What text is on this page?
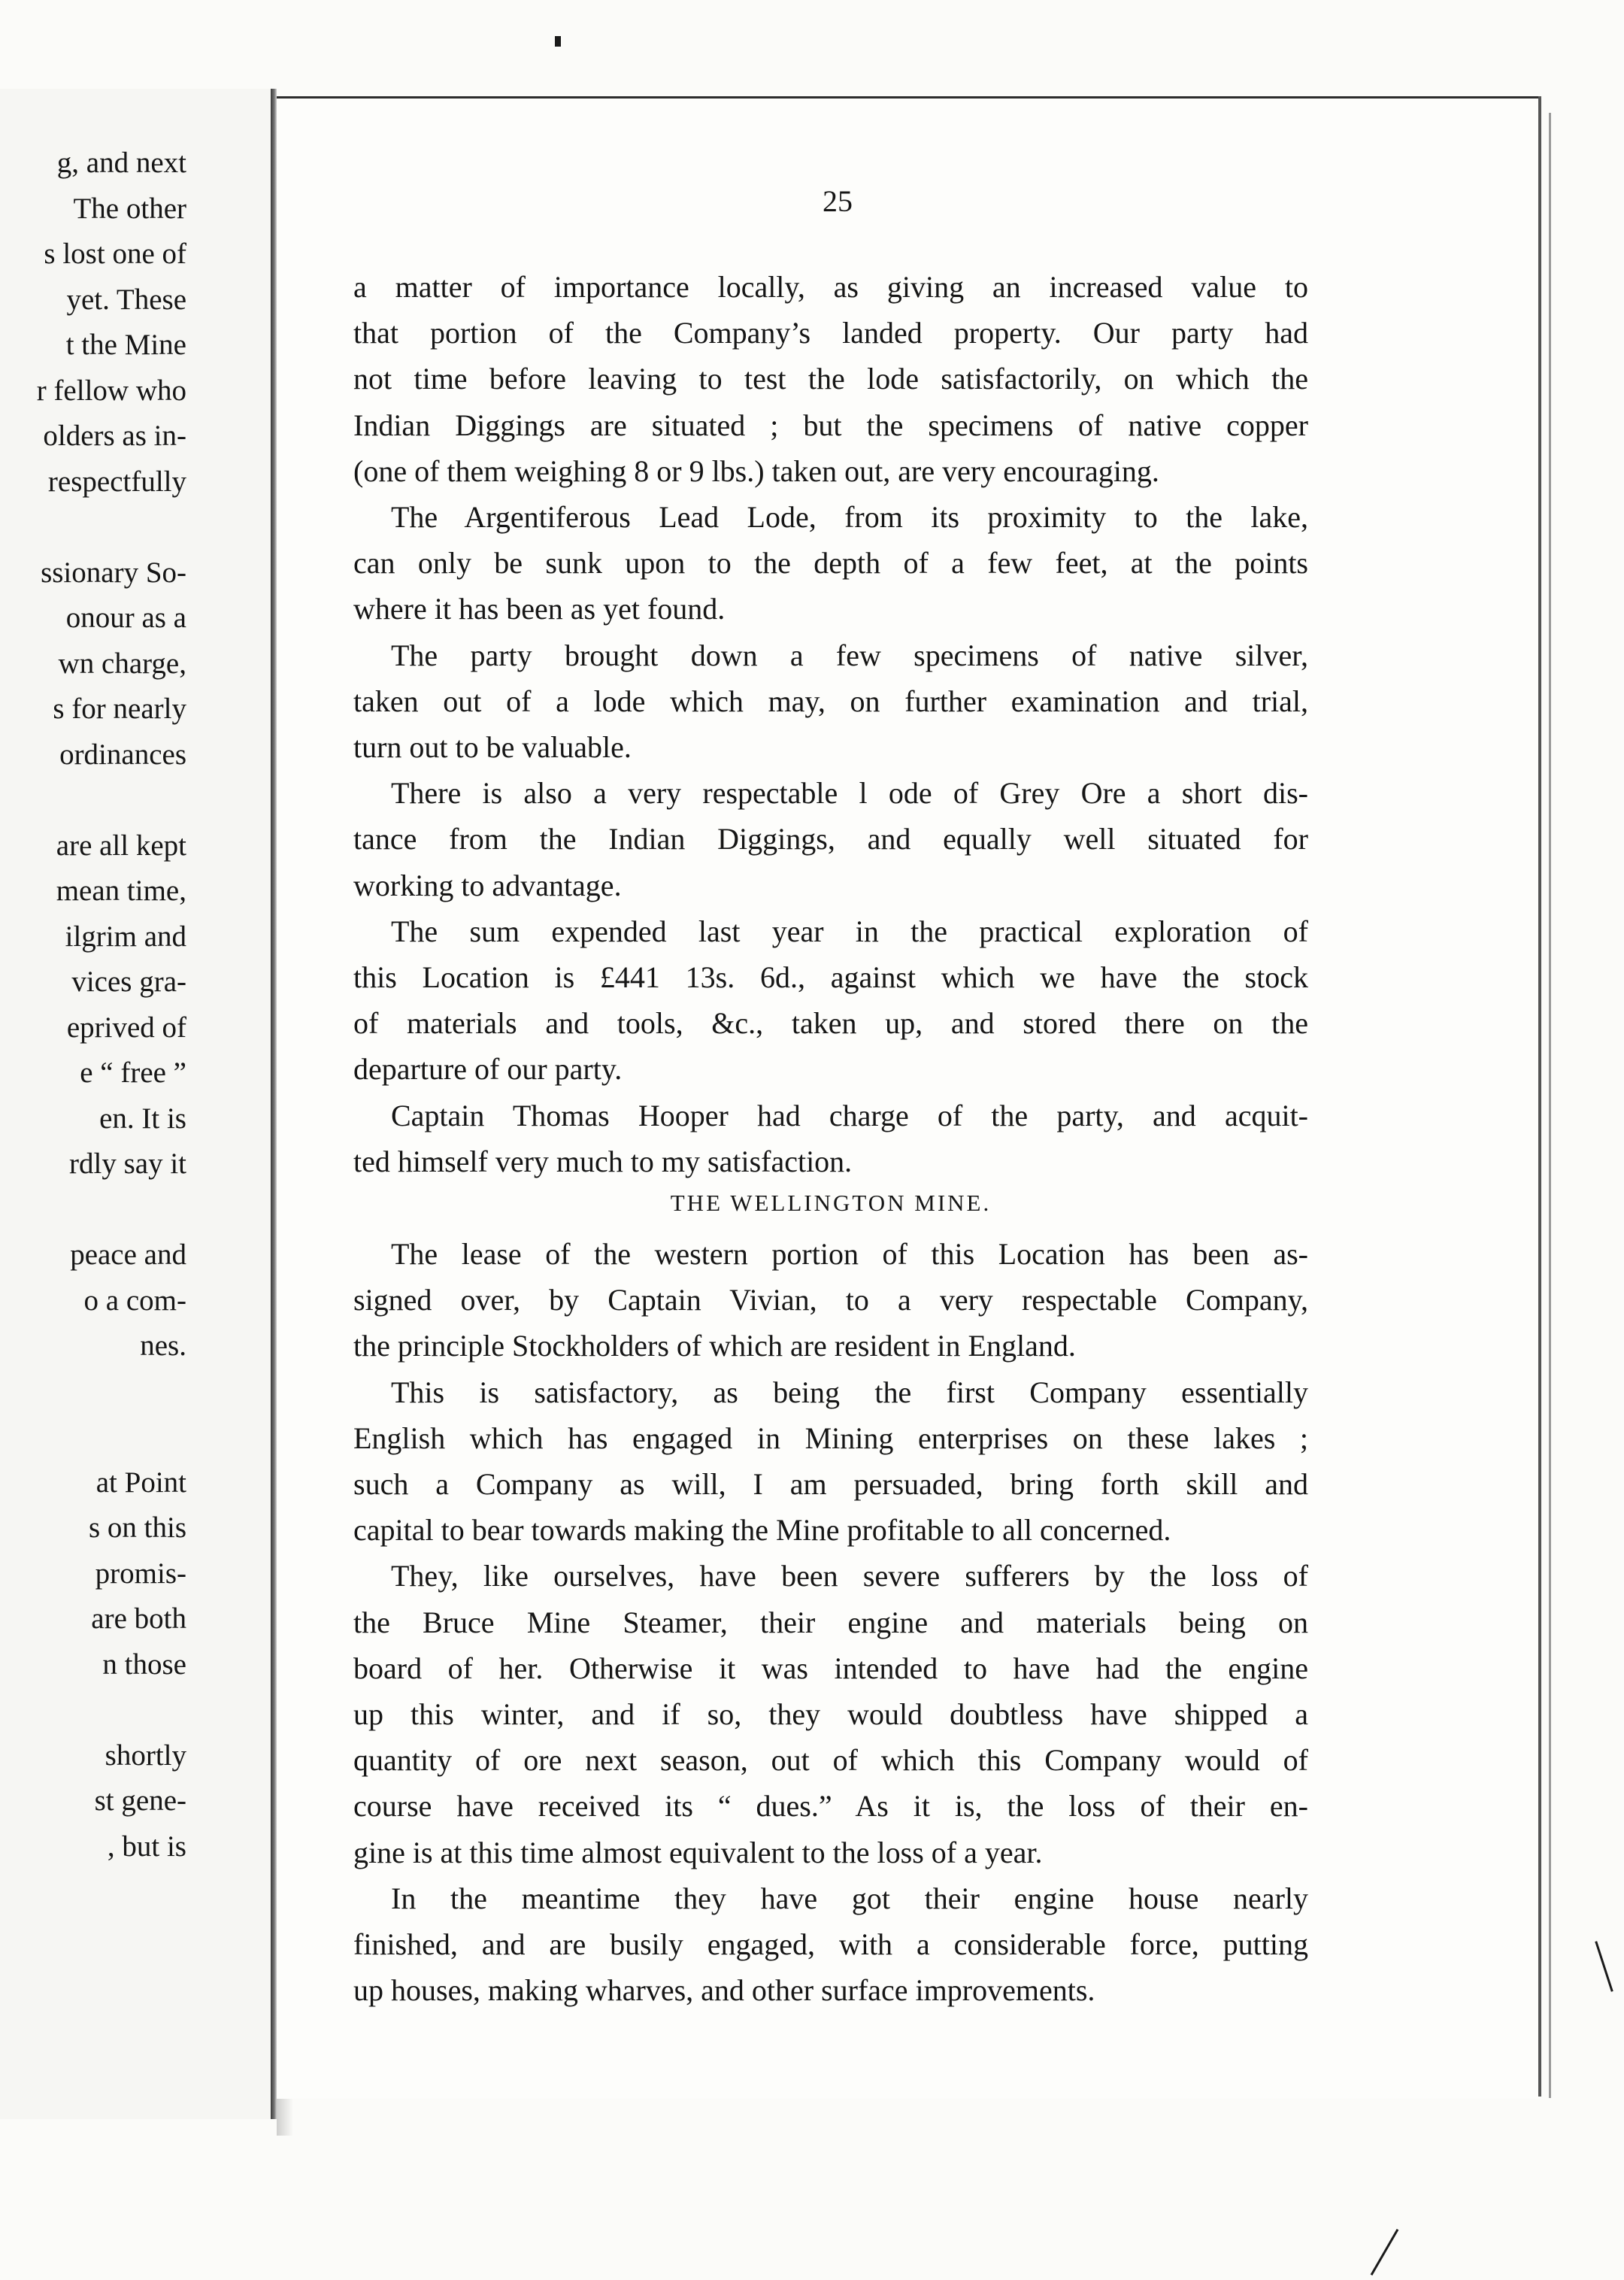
g, and next
The other
s lost one of
yet. These
t the Mine
r fellow who
olders as in-
respectfully
ssionary So-
onour as a
wn charge,
s for nearly
ordinances
are all kept
mean time,
ilgrim and
vices gra-
eprived of
e “ free ”
en. It is
rdly say it
peace and
o a com-
nes.
at Point
s on this
promis-
are both
n those
shortly
st gene-
, but is
25
a matter of importance locally, as giving an increased value to
that portion of the Company’s landed property. Our party had
not time before leaving to test the lode satisfactorily, on which the
Indian Diggings are situated ; but the specimens of native copper
(one of them weighing 8 or 9 lbs.) taken out, are very encouraging.
The Argentiferous Lead Lode, from its proximity to the lake,
can only be sunk upon to the depth of a few feet, at the points
where it has been as yet found.
The party brought down a few specimens of native silver,
taken out of a lode which may, on further examination and trial,
turn out to be valuable.
There is also a very respectable l ode of Grey Ore a short dis-
tance from the Indian Diggings, and equally well situated for
working to advantage.
The sum expended last year in the practical exploration of
this Location is £441 13s. 6d., against which we have the stock
of materials and tools, &c., taken up, and stored there on the
departure of our party.
Captain Thomas Hooper had charge of the party, and acquit-
ted himself very much to my satisfaction.
The lease of the western portion of this Location has been as-
signed over, by Captain Vivian, to a very respectable Company,
the principle Stockholders of which are resident in England.
This is satisfactory, as being the first Company essentially
English which has engaged in Mining enterprises on these lakes ;
such a Company as will, I am persuaded, bring forth skill and
capital to bear towards making the Mine profitable to all concerned.
They, like ourselves, have been severe sufferers by the loss of
the Bruce Mine Steamer, their engine and materials being on
board of her. Otherwise it was intended to have had the engine
up this winter, and if so, they would doubtless have shipped a
quantity of ore next season, out of which this Company would of
course have received its “ dues.” As it is, the loss of their en-
gine is at this time almost equivalent to the loss of a year.
In the meantime they have got their engine house nearly
finished, and are busily engaged, with a considerable force, putting
up houses, making wharves, and other surface improvements.
THE WELLINGTON MINE.
